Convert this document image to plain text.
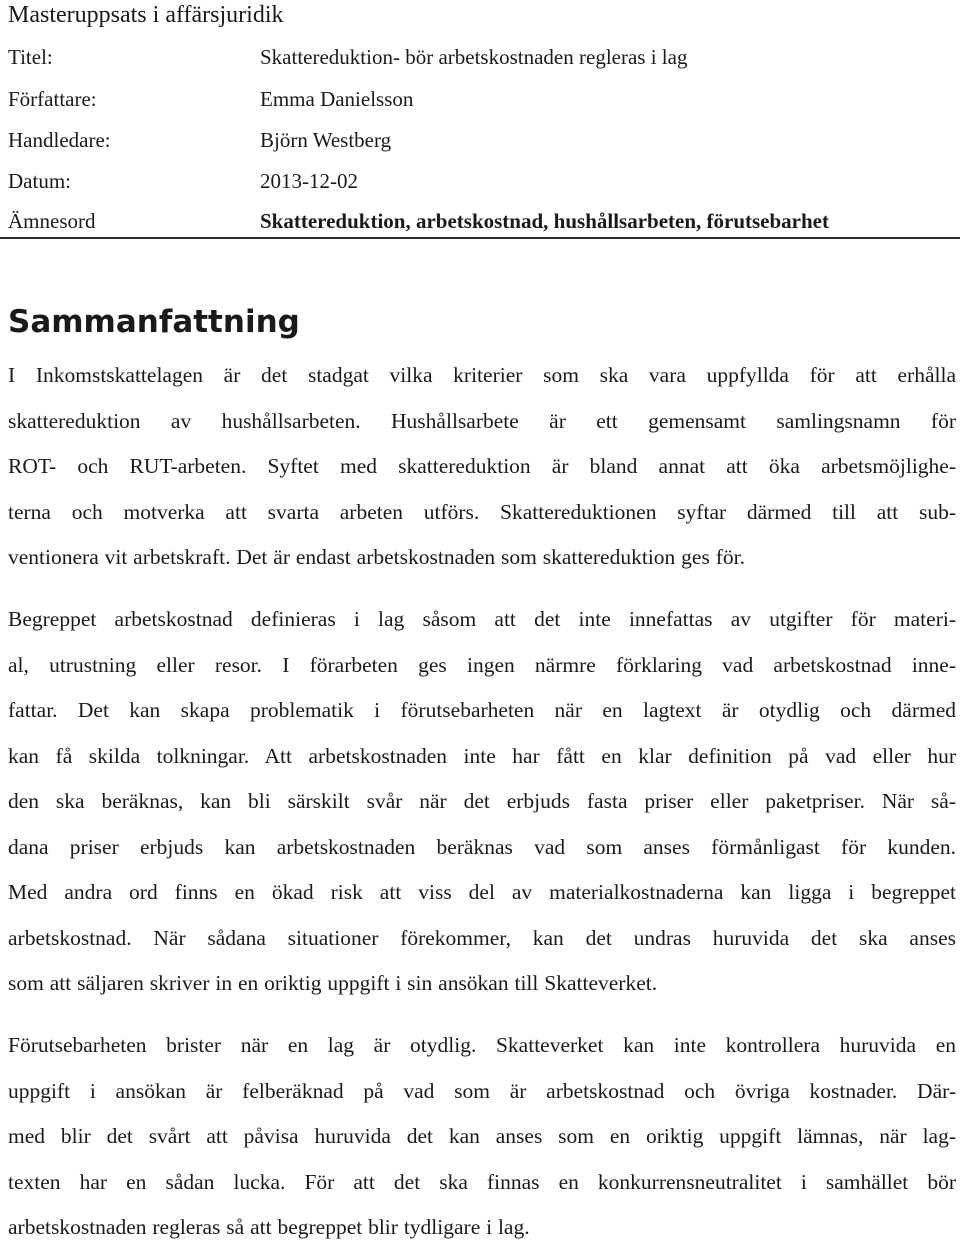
Masteruppsats i affärsjuridik
Titel:	Skattereduktion- bör arbetskostnaden regleras i lag
Författare:	Emma Danielsson
Handledare:	Björn Westberg
Datum:	2013-12-02
Ämnesord	Skattereduktion, arbetskostnad, hushållsarbeten, förutsebarhet
Sammanfattning

I Inkomstskattelagen är det stadgat vilka kriterier som ska vara uppfyllda för att erhålla
skattereduktion av hushållsarbeten. Hushållsarbete är ett gemensamt samlingsnamn för
ROT- och RUT-arbeten. Syftet med skattereduktion är bland annat att öka arbetsmöjlighe-
terna och motverka att svarta arbeten utförs. Skattereduktionen syftar därmed till att sub-
ventionera vit arbetskraft. Det är endast arbetskostnaden som skattereduktion ges för.

Begreppet arbetskostnad definieras i lag såsom att det inte innefattas av utgifter för materi-
al, utrustning eller resor. I förarbeten ges ingen närmre förklaring vad arbetskostnad inne-
fattar. Det kan skapa problematik i förutsebarheten när en lagtext är otydlig och därmed
kan få skilda tolkningar. Att arbetskostnaden inte har fått en klar definition på vad eller hur
den ska beräknas, kan bli särskilt svår när det erbjuds fasta priser eller paketpriser. När så-
dana priser erbjuds kan arbetskostnaden beräknas vad som anses förmånligast för kunden.
Med andra ord finns en ökad risk att viss del av materialkostnaderna kan ligga i begreppet
arbetskostnad. När sådana situationer förekommer, kan det undras huruvida det ska anses
som att säljaren skriver in en oriktig uppgift i sin ansökan till Skatteverket.

Förutsebarheten brister när en lag är otydlig. Skatteverket kan inte kontrollera huruvida en
uppgift i ansökan är felberäknad på vad som är arbetskostnad och övriga kostnader. Där-
med blir det svårt att påvisa huruvida det kan anses som en oriktig uppgift lämnas, när lag-
texten har en sådan lucka. För att det ska finnas en konkurrensneutralitet i samhället bör
arbetskostnaden regleras så att begreppet blir tydligare i lag.
